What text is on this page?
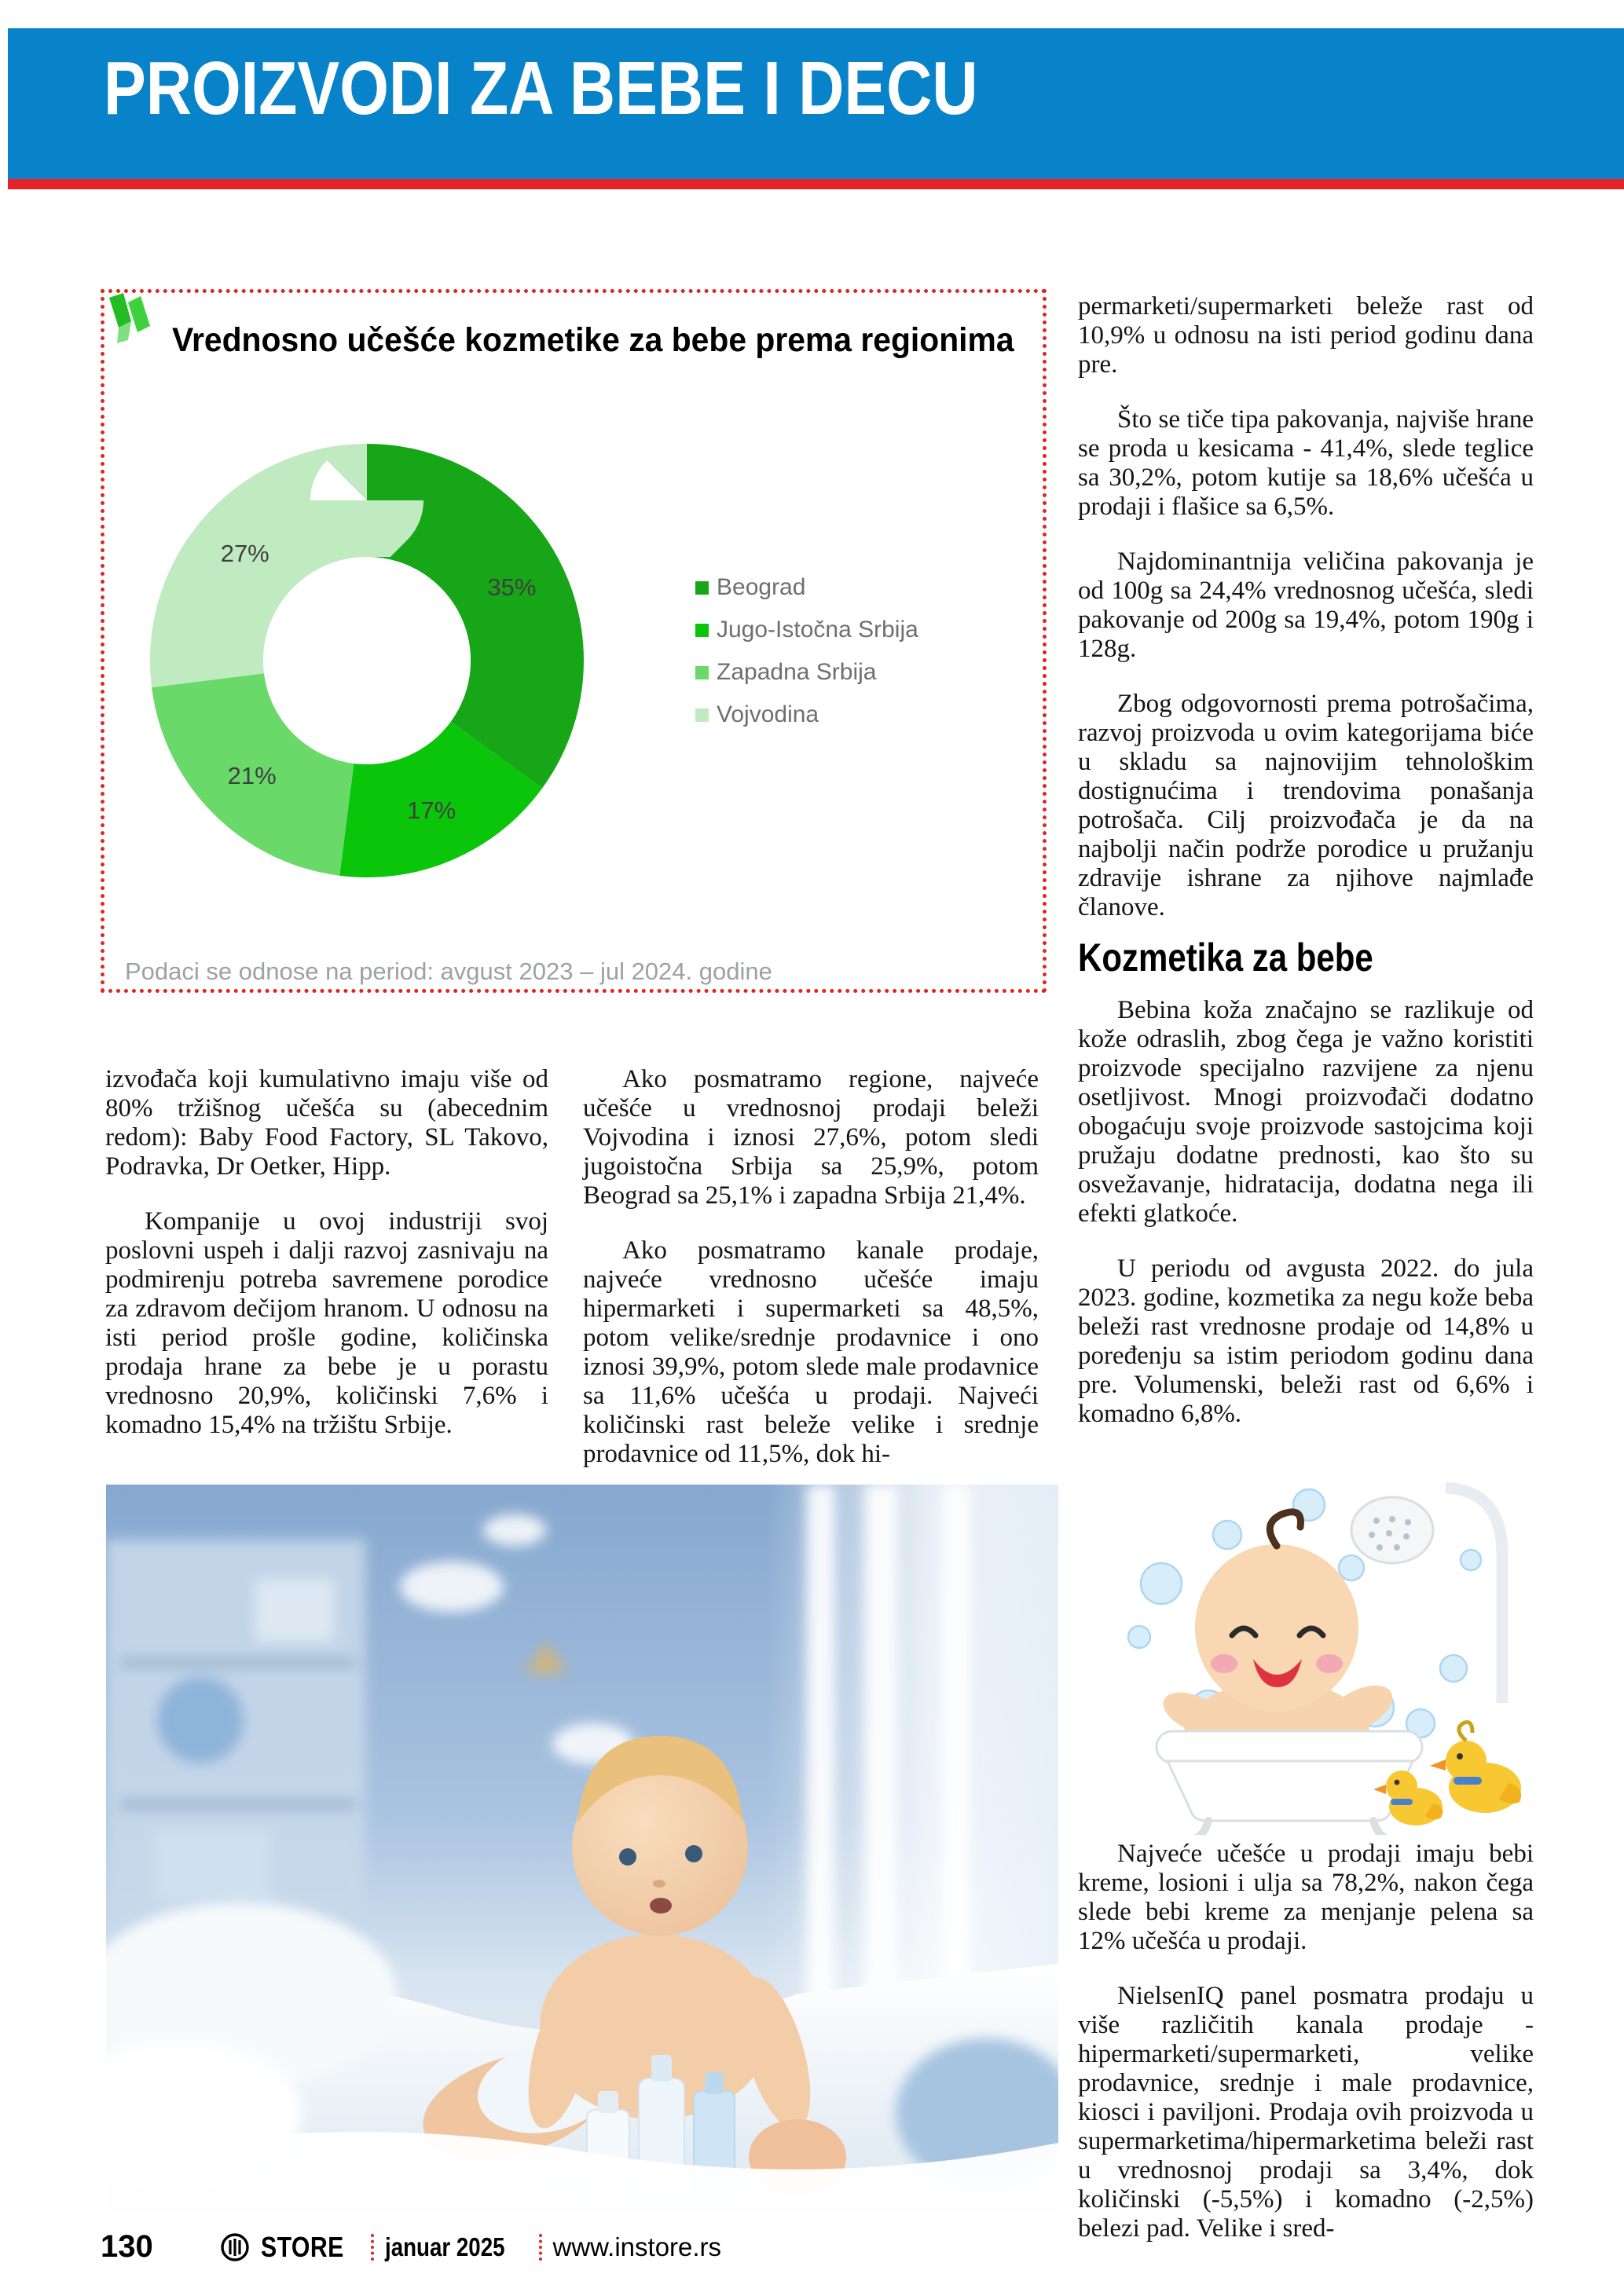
PROIZVODI ZA BEBE I DECU
Vrednosno učešće kozmetike za bebe prema regionima
35%
17%
21%
27%
Beograd
Jugo-Istočna Srbija
Zapadna Srbija
Vojvodina
Podaci se odnose na period: avgust 2023 – jul 2024. godine

izvođača koji kumulativno imaju više od 80% tržišnog učešća su (abecednim redom): Baby Food Factory, SL Takovo, Podravka, Dr Oetker, Hipp.

Kompanije u ovoj industriji svoj poslovni uspeh i dalji razvoj zasnivaju na podmirenju potreba savremene porodice za zdravom dečijom hranom. U odnosu na isti period prošle godine, količinska prodaja hrane za bebe je u porastu vrednosno 20,9%, količinski 7,6% i komadno 15,4% na tržištu Srbije.

Ako posmatramo regione, najveće učešće u vrednosnoj prodaji beleži Vojvodina i iznosi 27,6%, potom sledi jugoistočna Srbija sa 25,9%, potom Beograd sa 25,1% i zapadna Srbija 21,4%.

Ako posmatramo kanale prodaje, najveće vrednosno učešće imaju hipermarketi i supermarketi sa 48,5%, potom velike/srednje prodavnice i ono iznosi 39,9%, potom slede male prodavnice sa 11,6% učešća u prodaji. Najveći količinski rast beleže velike i srednje prodavnice od 11,5%, dok hi-

permarketi/supermarketi beleže rast od 10,9% u odnosu na isti period godinu dana pre.

Što se tiče tipa pakovanja, najviše hrane se proda u kesicama - 41,4%, slede teglice sa 30,2%, potom kutije sa 18,6% učešća u prodaji i flašice sa 6,5%.

Najdominantnija veličina pakovanja je od 100g sa 24,4% vrednosnog učešća, sledi pakovanje od 200g sa 19,4%, potom 190g i 128g.

Zbog odgovornosti prema potrošačima, razvoj proizvoda u ovim kategorijama biće u skladu sa najnovijim tehnološkim dostignućima i trendovima ponašanja potrošača. Cilj proizvođača je da na najbolji način podrže porodice u pružanju zdravije ishrane za njihove najmlađe članove.

Kozmetika za bebe

Bebina koža značajno se razlikuje od kože odraslih, zbog čega je važno koristiti proizvode specijalno razvijene za njenu osetljivost. Mnogi proizvođači dodatno obogaćuju svoje proizvode sastojcima koji pružaju dodatne prednosti, kao što su osvežavanje, hidratacija, dodatna nega ili efekti glatkoće.

U periodu od avgusta 2022. do jula 2023. godine, kozmetika za negu kože beba beleži rast vrednosne prodaje od 14,8% u poređenju sa istim periodom godinu dana pre. Volumenski, beleži rast od 6,6% i komadno 6,8%.

Najveće učešće u prodaji imaju bebi kreme, losioni i ulja sa 78,2%, nakon čega slede bebi kreme za menjanje pelena sa 12% učešća u prodaji.

NielsenIQ panel posmatra prodaju u više različitih kanala prodaje - hipermarketi/supermarketi, velike prodavnice, srednje i male prodavnice, kiosci i paviljoni. Prodaja ovih proizvoda u supermarketima/hipermarketima beleži rast u vrednosnoj prodaji sa 3,4%, dok količinski (-5,5%) i komadno (-2,5%) belezi pad. Velike i sred-

130	STORE	januar 2025	www.instore.rs
